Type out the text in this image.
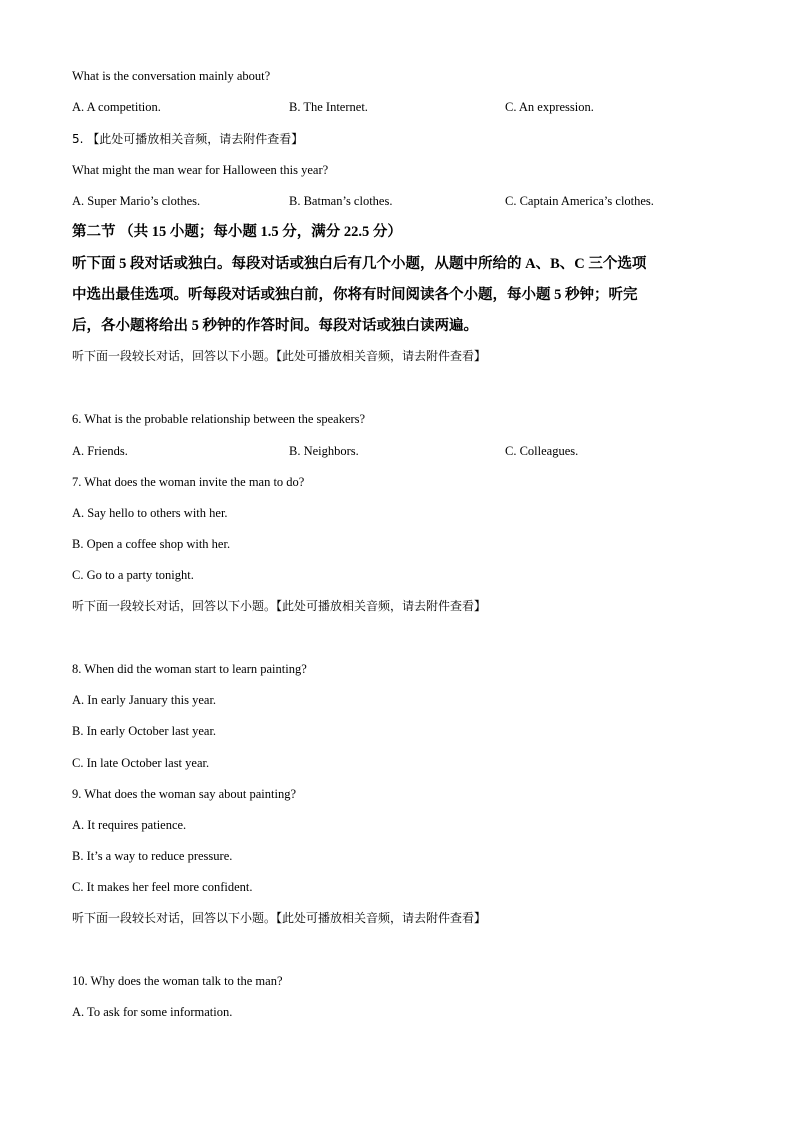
What is the conversation mainly about?
A. A competition.	B. The Internet.	C. An expression.
5. 【此处可播放相关音频，请去附件查看】
What might the man wear for Halloween this year?
A. Super Mario’s clothes.	B. Batman’s clothes.	C. Captain America’s clothes.
第二节 （共 15 小题；每小题 1.5 分，满分 22.5 分）
听下面 5 段对话或独白。每段对话或独白后有几个小题，从题中所给的 A、B、C 三个选项
中选出最佳选项。听每段对话或独白前，你将有时间阅读各个小题，每小题 5 秒钟；听完
后，各小题将给出 5 秒钟的作答时间。每段对话或独白读两遍。
听下面一段较长对话，回答以下小题。【此处可播放相关音频，请去附件查看】
6. What is the probable relationship between the speakers?
A. Friends.	B. Neighbors.	C. Colleagues.
7. What does the woman invite the man to do?
A. Say hello to others with her.
B. Open a coffee shop with her.
C. Go to a party tonight.
听下面一段较长对话，回答以下小题。【此处可播放相关音频，请去附件查看】
8. When did the woman start to learn painting?
A. In early January this year.
B. In early October last year.
C. In late October last year.
9. What does the woman say about painting?
A. It requires patience.
B. It’s a way to reduce pressure.
C. It makes her feel more confident.
听下面一段较长对话，回答以下小题。【此处可播放相关音频，请去附件查看】
10. Why does the woman talk to the man?
A. To ask for some information.
